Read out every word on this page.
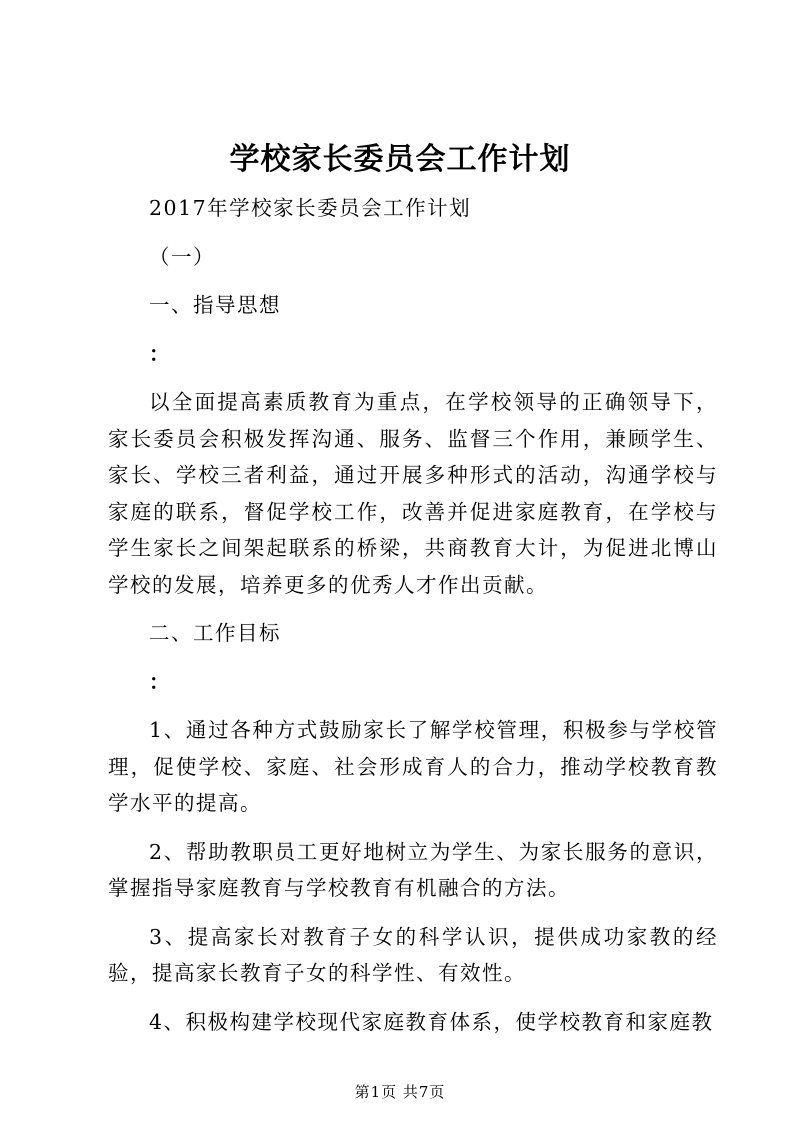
学校家长委员会工作计划

2017年学校家长委员会工作计划

（一）

一、指导思想

：

以全面提高素质教育为重点，在学校领导的正确领导下，家长委员会积极发挥沟通、服务、监督三个作用，兼顾学生、家长、学校三者利益，通过开展多种形式的活动，沟通学校与家庭的联系，督促学校工作，改善并促进家庭教育，在学校与学生家长之间架起联系的桥梁，共商教育大计，为促进北博山学校的发展，培养更多的优秀人才作出贡献。

二、工作目标

：

1、通过各种方式鼓励家长了解学校管理，积极参与学校管理，促使学校、家庭、社会形成育人的合力，推动学校教育教学水平的提高。

2、帮助教职员工更好地树立为学生、为家长服务的意识，掌握指导家庭教育与学校教育有机融合的方法。

3、提高家长对教育子女的科学认识，提供成功家教的经验，提高家长教育子女的科学性、有效性。

4、积极构建学校现代家庭教育体系，使学校教育和家庭教

第1页 共7页
